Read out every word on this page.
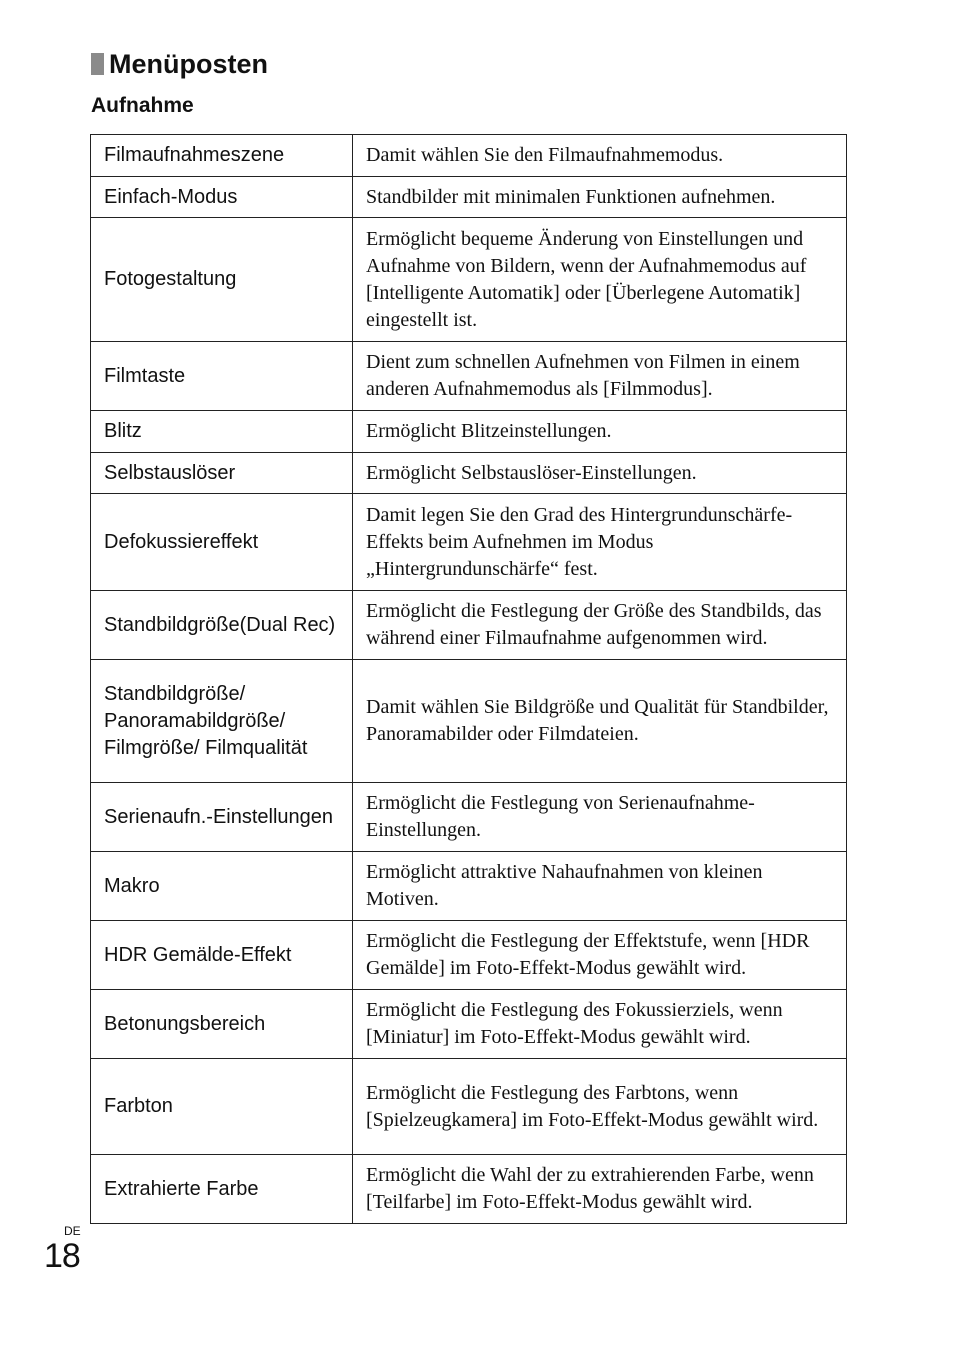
Menüposten
Aufnahme
Filmaufnahmeszene	Damit wählen Sie den Filmaufnahmemodus.
Einfach-Modus	Standbilder mit minimalen Funktionen aufnehmen.
Fotogestaltung	Ermöglicht bequeme Änderung von Einstellungen und Aufnahme von Bildern, wenn der Aufnahmemodus auf [Intelligente Automatik] oder [Überlegene Automatik] eingestellt ist.
Filmtaste	Dient zum schnellen Aufnehmen von Filmen in einem anderen Aufnahmemodus als [Filmmodus].
Blitz	Ermöglicht Blitzeinstellungen.
Selbstauslöser	Ermöglicht Selbstauslöser-Einstellungen.
Defokussiereffekt	Damit legen Sie den Grad des Hintergrundunschärfe-Effekts beim Aufnehmen im Modus „Hintergrundunschärfe“ fest.
Standbildgröße(Dual Rec)	Ermöglicht die Festlegung der Größe des Standbilds, das während einer Filmaufnahme aufgenommen wird.
Standbildgröße/ Panoramabildgröße/ Filmgröße/ Filmqualität	Damit wählen Sie Bildgröße und Qualität für Standbilder, Panoramabilder oder Filmdateien.
Serienaufn.-Einstellungen	Ermöglicht die Festlegung von Serienaufnahme-Einstellungen.
Makro	Ermöglicht attraktive Nahaufnahmen von kleinen Motiven.
HDR Gemälde-Effekt	Ermöglicht die Festlegung der Effektstufe, wenn [HDR Gemälde] im Foto-Effekt-Modus gewählt wird.
Betonungsbereich	Ermöglicht die Festlegung des Fokussierziels, wenn [Miniatur] im Foto-Effekt-Modus gewählt wird.
Farbton	Ermöglicht die Festlegung des Farbtons, wenn [Spielzeugkamera] im Foto-Effekt-Modus gewählt wird.
Extrahierte Farbe	Ermöglicht die Wahl der zu extrahierenden Farbe, wenn [Teilfarbe] im Foto-Effekt-Modus gewählt wird.
DE
18
